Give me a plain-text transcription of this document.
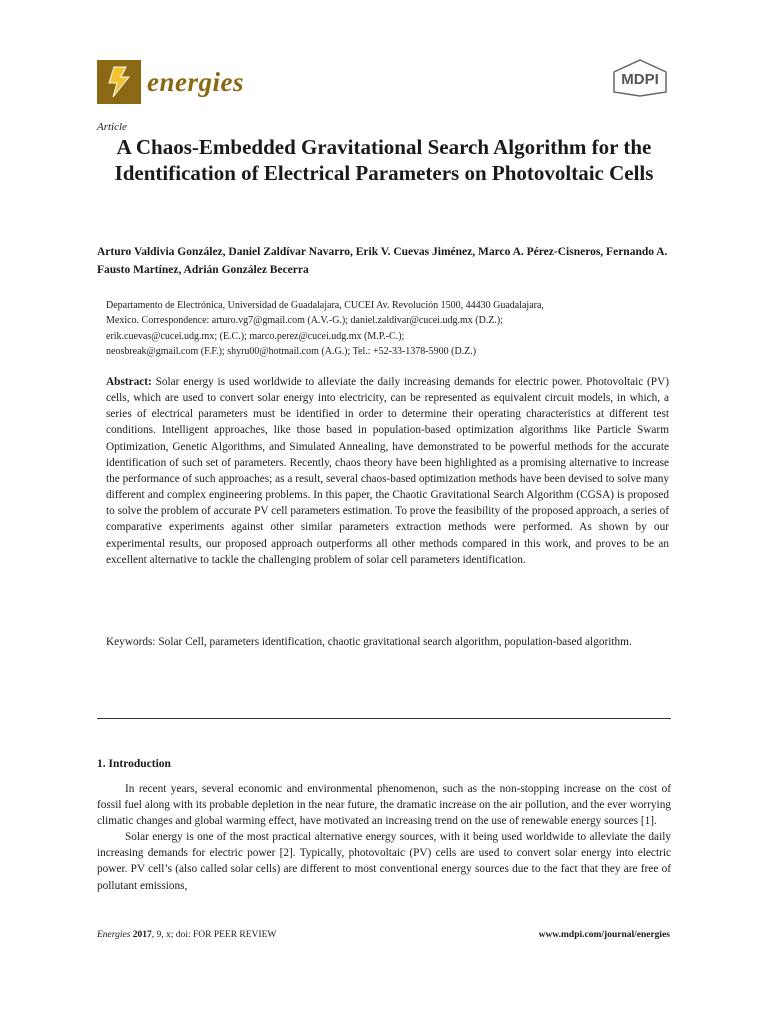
energies	MDPI
Article
A Chaos-Embedded Gravitational Search Algorithm for the Identification of Electrical Parameters on Photovoltaic Cells
Arturo Valdivia González, Daniel Zaldívar Navarro, Erik V. Cuevas Jiménez, Marco A. Pérez-Cisneros, Fernando A. Fausto Martínez, Adrián González Becerra

Departamento de Electrónica, Universidad de Guadalajara, CUCEI Av. Revolución 1500, 44430 Guadalajara,

Mexico. Correspondence: arturo.vg7@gmail.com (A.V.-G.); daniel.zaldivar@cucei.udg.mx (D.Z.);

erik.cuevas@cucei.udg.mx; (E.C.); marco.perez@cucei.udg.mx (M.P.-C.);

neosbreak@gmail.com (F.F.); shyru00@hotmail.com (A.G.); Tel.: +52-33-1378-5900 (D.Z.)

Abstract: Solar energy is used worldwide to alleviate the daily increasing demands for electric power. Photovoltaic (PV) cells, which are used to convert solar energy into electricity, can be represented as equivalent circuit models, in which, a series of electrical parameters must be identified in order to determine their operating characteristics at different test conditions. Intelligent approaches, like those based in population-based optimization algorithms like Particle Swarm Optimization, Genetic Algorithms, and Simulated Annealing, have demonstrated to be powerful methods for the accurate identification of such set of parameters. Recently, chaos theory have been highlighted as a promising alternative to increase the performance of such approaches; as a result, several chaos-based optimization methods have been devised to solve many different and complex engineering problems. In this paper, the Chaotic Gravitational Search Algorithm (CGSA) is proposed to solve the problem of accurate PV cell parameters estimation. To prove the feasibility of the proposed approach, a series of comparative experiments against other similar parameters extraction methods were performed. As shown by our experimental results, our proposed approach outperforms all other methods compared in this work, and proves to be an excellent alternative to tackle the challenging problem of solar cell parameters identification.
Keywords: Solar Cell, parameters identification, chaotic gravitational search algorithm, population-based algorithm.
1. Introduction

In recent years, several economic and environmental phenomenon, such as the non-stopping increase on the cost of fossil fuel along with its probable depletion in the near future, the dramatic increase on the air pollution, and the ever worrying climatic changes and global warming effect, have motivated an increasing trend on the use of renewable energy sources [1].

Solar energy is one of the most practical alternative energy sources, with it being used worldwide to alleviate the daily increasing demands for electric power [2]. Typically, photovoltaic (PV) cells are used to convert solar energy into electric power. PV cell’s (also called solar cells) are different to most conventional energy sources due to the fact that they are free of pollutant emissions,

Energies 2017, 9, x; doi: FOR PEER REVIEW	www.mdpi.com/journal/energies
